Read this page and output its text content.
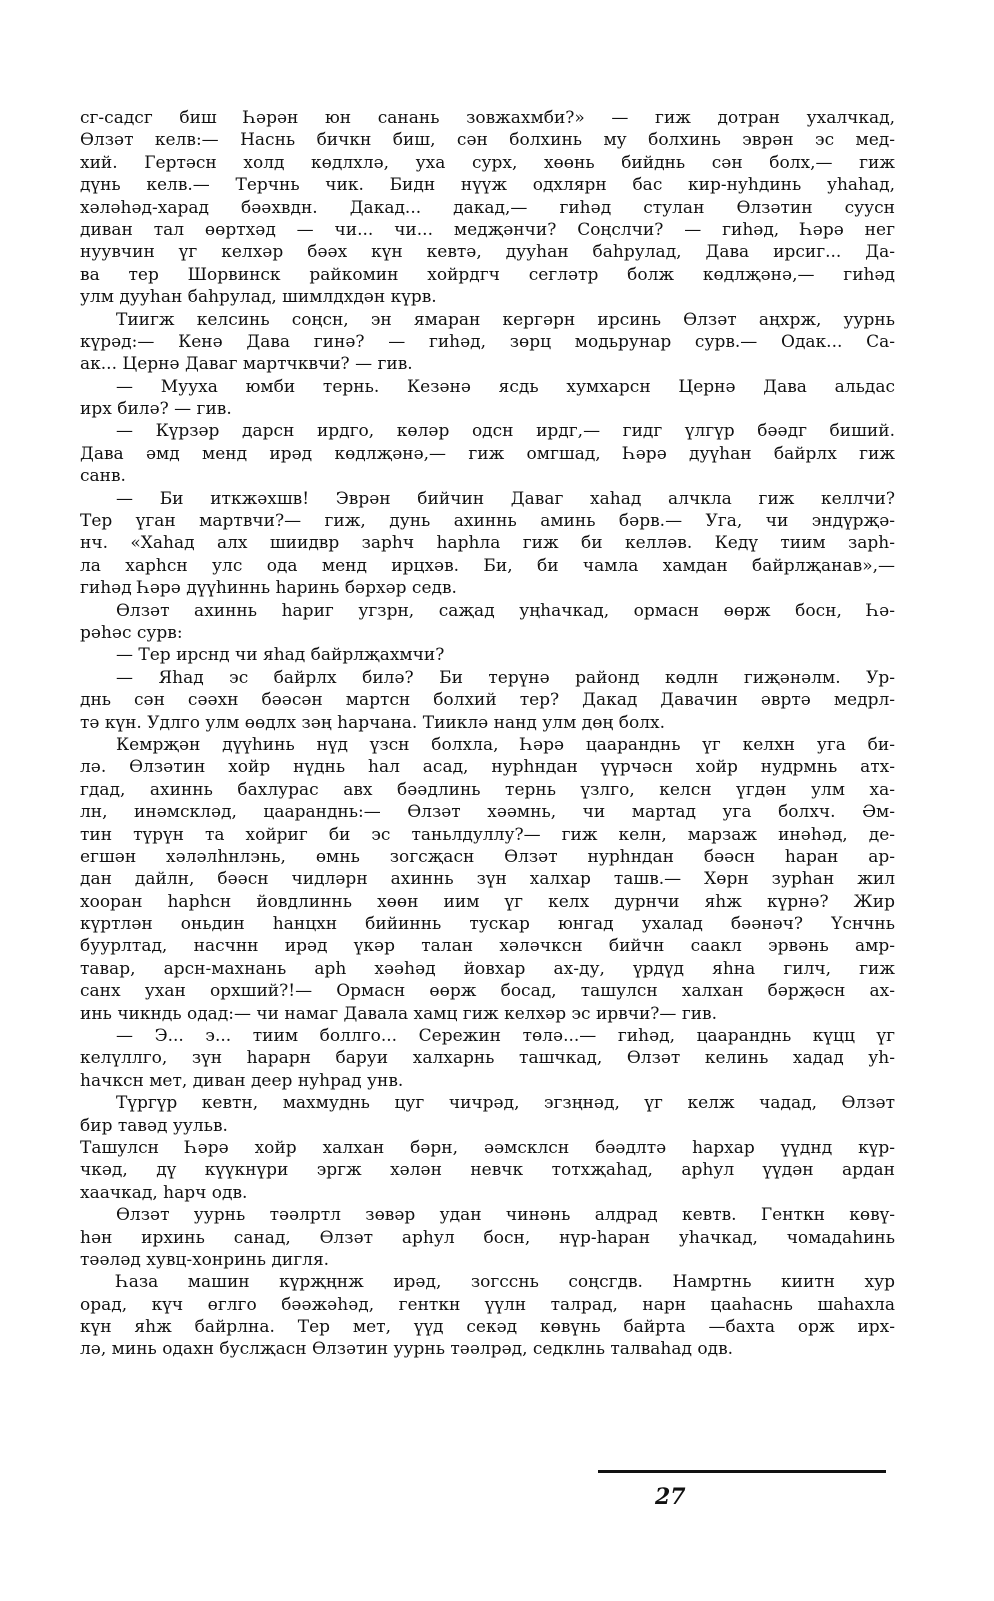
сг-садсг биш Һәрән юн санань зовжахмби?» — гиж дотран ухалчкад,
Өлзәт келв:— Наснь бичкн биш, сән болхинь му болхинь эврән эс мед-
хий. Гертәсн холд көдлхлә, уха сурх, хөөнь бийднь сән болх,— гиж
дүнь келв.— Терчнь чик. Бидн нүүж одхлярн бас кир-нуһдинь уһаһад,
хәләһәд-харад бәәхвдн. Дакад... дакад,— гиһәд стулан Өлзәтин суусн
диван тал өөртхәд — чи... чи... медҗәнчи? Соңслчи? — гиһәд, Һәрә нег
нуувчин үг келхәр бәәх күн кевтә, дууһан баһрулад, Дава ирсиг... Да-
ва тер Шорвинск райкомин хойрдгч сегләтр болж көдлҗәнә,— гиһәд
улм дууһан баһрулад, шимлдхдән күрв.
Тиигж келсинь соңсн, эн ямаран кергәрн ирсинь Өлзәт аңхрж, уурнь
күрәд:— Кенә Дава гинә? — гиһәд, зөрц модьрунар сурв.— Одак... Са-
ак... Цернә Даваг мартчквчи? — гив.
— Мууха юмби тернь. Кезәнә ясдь хумхарсн Цернә Дава альдас
ирх билә? — гив.
— Күрзәр дарсн ирдго, көләр одсн ирдг,— гидг үлгүр бәәдг биший.
Дава әмд менд ирәд көдлҗәнә,— гиж омгшад, Һәрә дуүһан байрлх гиж
санв.
— Би иткжәхшв! Эврән бийчин Даваг хаһад алчкла гиж келлчи?
Тер үган мартвчи?— гиж, дунь ахиннь аминь бәрв.— Уга, чи эндүрҗә-
нч. «Хаһад алх шиидвр зарһч һарһла гиж би келләв. Кедү тиим зарһ-
ла харһсн улс ода менд ирцхәв. Би, би чамла хамдан байрлҗанав»,—
гиһәд Һәрә дүүһиннь һаринь бәрхәр седв.
Өлзәт ахиннь һариг угзрн, саҗад уңһачкад, ормасн өөрж босн, Һә-
рәһәс сурв:
— Тер ирснд чи яһад байрлҗахмчи?
— Яһад эс байрлх билә? Би терүнә районд көдлн гиҗәнәлм. Ур-
днь сән сәәхн бәәсән мартсн болхий тер? Дакад Давачин әвртә медрл-
тә күн. Удлго улм өөдлх зәң һарчана. Тииклә нанд улм дөң болх.
Кемрҗән дүүһинь нүд үзсн болхла, Һәрә цааранднь үг келхн уга би-
лә. Өлзәтин хойр нүднь һал асад, нурһндан үүрчәсн хойр нудрмнь атх-
гдад, ахиннь бахлурас авх бәәдлинь тернь үзлго, келсн үгдән улм ха-
лн, инәмскләд, цааранднь:— Өлзәт хәәмнь, чи мартад уга болхч. Әм-
тин түрүн та хойриг би эс таньлдуллу?— гиж келн, марзаж инәһәд, де-
егшән хәләлһнлэнь, өмнь зогсҗасн Өлзәт нурһндан бәәсн һаран ар-
дан дайлн, бәәсн чидләрн ахиннь зүн халхар ташв.— Хөрн зурһан жил
хооран һарһсн йовдлиннь хөөн иим үг келх дурнчи яһж күрнә? Жир
күртлән оньдин һанцхн бийиннь тускар юнгад ухалад бәәнәч? Үснчнь
буурлтад, насчнн ирәд үкәр талан хәләчксн бийчн саакл эрвәнь амр-
тавар, арсн-махнань арһ хәәһәд йовхар ах-ду, үрдүд яһна гилч, гиж
санх ухан орхший?!— Ормасн өөрж босад, ташулсн халхан бәрҗәсн ах-
инь чикндь одад:— чи намаг Давала хамц гиж келхәр эс ирвчи?— гив.
— Э... э... тиим боллго... Сережин төлә...— гиһәд, цааранднь күцц үг
келүллго, зүн һарарн баруи халхарнь ташчкад, Өлзәт келинь хадад уһ-
һачксн мет, диван деер нуһрад унв.
Түргүр кевтн, махмуднь цуг чичрәд, эгзңнәд, үг келж чадад, Өлзәт
бир тавәд уульв.
Ташулсн Һәрә хойр халхан бәрн, әәмсклсн бәәдлтә һархар үүднд күр-
чкәд, дү күүкнүри эргж хәлән невчк тотхҗаһад, арһул үүдән ардан
хаачкад, һарч одв.
Өлзәт уурнь тәәлртл зөвәр удан чинәнь алдрад кевтв. Генткн көвү-
һән ирхинь санад, Өлзәт арһул босн, нүр-һаран уһачкад, чомадаһинь
тәәләд хувц-хонринь дигля.
Һаза машин күрҗңнж ирәд, зогсснь соңсгдв. Намртнь киитн хур
орад, күч өглго бәәжәһәд, генткн үүлн талрад, нарн цааһаснь шаһахла
күн яһж байрлна. Тер мет, үүд секәд көвүнь байрта —бахта орж ирх-
лә, минь одахн буслҗасн Өлзәтин уурнь тәәлрәд, седклнь талваһад одв.
27
